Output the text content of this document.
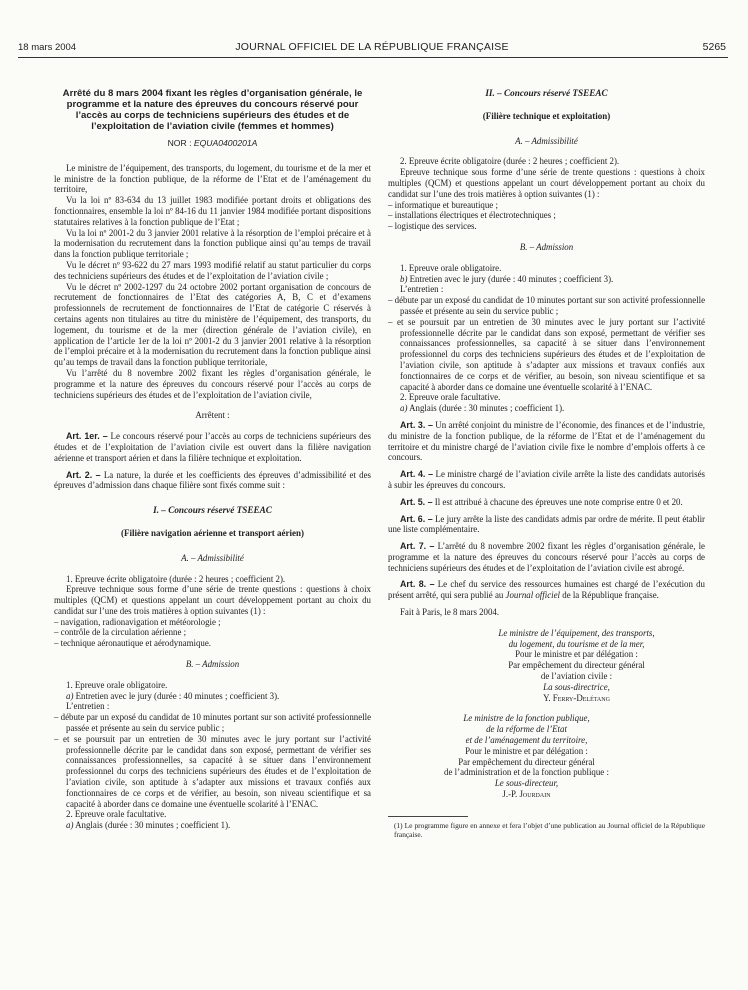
18 mars 2004	JOURNAL OFFICIEL DE LA RÉPUBLIQUE FRANÇAISE	5265
Arrêté du 8 mars 2004 fixant les règles d’organisation générale, le programme et la nature des épreuves du concours réservé pour l’accès au corps de techniciens supérieurs des études et de l’exploitation de l’aviation civile (femmes et hommes)
NOR : EQUA0400201A

Le ministre de l’équipement, des transports, du logement, du tourisme et de la mer et le ministre de la fonction publique, de la réforme de l’Etat et de l’aménagement du territoire,

Vu la loi nº 83-634 du 13 juillet 1983 modifiée portant droits et obligations des fonctionnaires, ensemble la loi nº 84-16 du 11 janvier 1984 modifiée portant dispositions statutaires relatives à la fonction publique de l’Etat ;

Vu la loi nº 2001-2 du 3 janvier 2001 relative à la résorption de l’emploi précaire et à la modernisation du recrutement dans la fonction publique ainsi qu’au temps de travail dans la fonction publique territoriale ;

Vu le décret nº 93-622 du 27 mars 1993 modifié relatif au statut particulier du corps des techniciens supérieurs des études et de l’exploitation de l’aviation civile ;

Vu le décret nº 2002-1297 du 24 octobre 2002 portant organisation de concours de recrutement de fonctionnaires de l’Etat des catégories A, B, C et d’examens professionnels de recrutement de fonctionnaires de l’Etat de catégorie C réservés à certains agents non titulaires au titre du ministère de l’équipement, des transports, du logement, du tourisme et de la mer (direction générale de l’aviation civile), en application de l’article 1er de la loi nº 2001-2 du 3 janvier 2001 relative à la résorption de l’emploi précaire et à la modernisation du recrutement dans la fonction publique ainsi qu’au temps de travail dans la fonction publique territoriale,

Vu l’arrêté du 8 novembre 2002 fixant les règles d’organisation générale, le programme et la nature des épreuves du concours réservé pour l’accès au corps de techniciens supérieurs des études et de l’exploitation de l’aviation civile,

Arrêtent :

Art. 1er. – Le concours réservé pour l’accès au corps de techniciens supérieurs des études et de l’exploitation de l’aviation civile est ouvert dans la filière navigation aérienne et transport aérien et dans la filière technique et exploitation.

Art. 2. – La nature, la durée et les coefficients des épreuves d’admissibilité et des épreuves d’admission dans chaque filière sont fixés comme suit :

I. – Concours réservé TSEEAC
(Filière navigation aérienne et transport aérien)
A. – Admissibilité

1. Epreuve écrite obligatoire (durée : 2 heures ; coefficient 2).

Epreuve technique sous forme d’une série de trente questions : questions à choix multiples (QCM) et questions appelant un court développement portant au choix du candidat sur l’une des trois matières à option suivantes (1) :

– navigation, radionavigation et météorologie ;
– contrôle de la circulation aérienne ;
– technique aéronautique et aérodynamique.
B. – Admission

1. Epreuve orale obligatoire.

a) Entretien avec le jury (durée : 40 minutes ; coefficient 3).

L’entretien :

– débute par un exposé du candidat de 10 minutes portant sur son activité professionnelle passée et présente au sein du service public ;
– et se poursuit par un entretien de 30 minutes avec le jury portant sur l’activité professionnelle décrite par le candidat dans son exposé, permettant de vérifier ses connaissances professionnelles, sa capacité à se situer dans l’environnement professionnel du corps des techniciens supérieurs des études et de l’exploitation de l’aviation civile, son aptitude à s’adapter aux missions et travaux confiés aux fonctionnaires de ce corps et de vérifier, au besoin, son niveau scientifique et sa capacité à aborder dans ce domaine une éventuelle scolarité à l’ENAC.

2. Epreuve orale facultative.

a) Anglais (durée : 30 minutes ; coefficient 1).

II. – Concours réservé TSEEAC
(Filière technique et exploitation)
A. – Admissibilité

2. Epreuve écrite obligatoire (durée : 2 heures ; coefficient 2).

Epreuve technique sous forme d’une série de trente questions : questions à choix multiples (QCM) et questions appelant un court développement portant au choix du candidat sur l’une des trois matières à option suivantes (1) :

– informatique et bureautique ;
– installations électriques et électrotechniques ;
– logistique des services.
B. – Admission

1. Epreuve orale obligatoire.

b) Entretien avec le jury (durée : 40 minutes ; coefficient 3).

L’entretien :

– débute par un exposé du candidat de 10 minutes portant sur son activité professionnelle passée et présente au sein du service public ;
– et se poursuit par un entretien de 30 minutes avec le jury portant sur l’activité professionnelle décrite par le candidat dans son exposé, permettant de vérifier ses connaissances professionnelles, sa capacité à se situer dans l’environnement professionnel du corps des techniciens supérieurs des études et de l’exploitation de l’aviation civile, son aptitude à s’adapter aux missions et travaux confiés aux fonctionnaires de ce corps et de vérifier, au besoin, son niveau scientifique et sa capacité à aborder dans ce domaine une éventuelle scolarité à l’ENAC.

2. Epreuve orale facultative.

a) Anglais (durée : 30 minutes ; coefficient 1).

Art. 3. – Un arrêté conjoint du ministre de l’économie, des finances et de l’industrie, du ministre de la fonction publique, de la réforme de l’Etat et de l’aménagement du territoire et du ministre chargé de l’aviation civile fixe le nombre d’emplois offerts à ce concours.

Art. 4. – Le ministre chargé de l’aviation civile arrête la liste des candidats autorisés à subir les épreuves du concours.

Art. 5. – Il est attribué à chacune des épreuves une note comprise entre 0 et 20.

Art. 6. – Le jury arrête la liste des candidats admis par ordre de mérite. Il peut établir une liste complémentaire.

Art. 7. – L’arrêté du 8 novembre 2002 fixant les règles d’organisation générale, le programme et la nature des épreuves du concours réservé pour l’accès au corps de techniciens supérieurs des études et de l’exploitation de l’aviation civile est abrogé.

Art. 8. – Le chef du service des ressources humaines est chargé de l’exécution du présent arrêté, qui sera publié au Journal officiel de la République française.

Fait à Paris, le 8 mars 2004.

Le ministre de l’équipement, des transports,
du logement, du tourisme et de la mer,
Pour le ministre et par délégation :
Par empêchement du directeur général
de l’aviation civile :
La sous-directrice,
Y. Ferry-Delétang
Le ministre de la fonction publique,
de la réforme de l’Etat
et de l’aménagement du territoire,
Pour le ministre et par délégation :
Par empêchement du directeur général
de l’administration et de la fonction publique :
Le sous-directeur,
J.-P. Jourdain
(1) Le programme figure en annexe et fera l’objet d’une publication au Journal officiel de la République française.
